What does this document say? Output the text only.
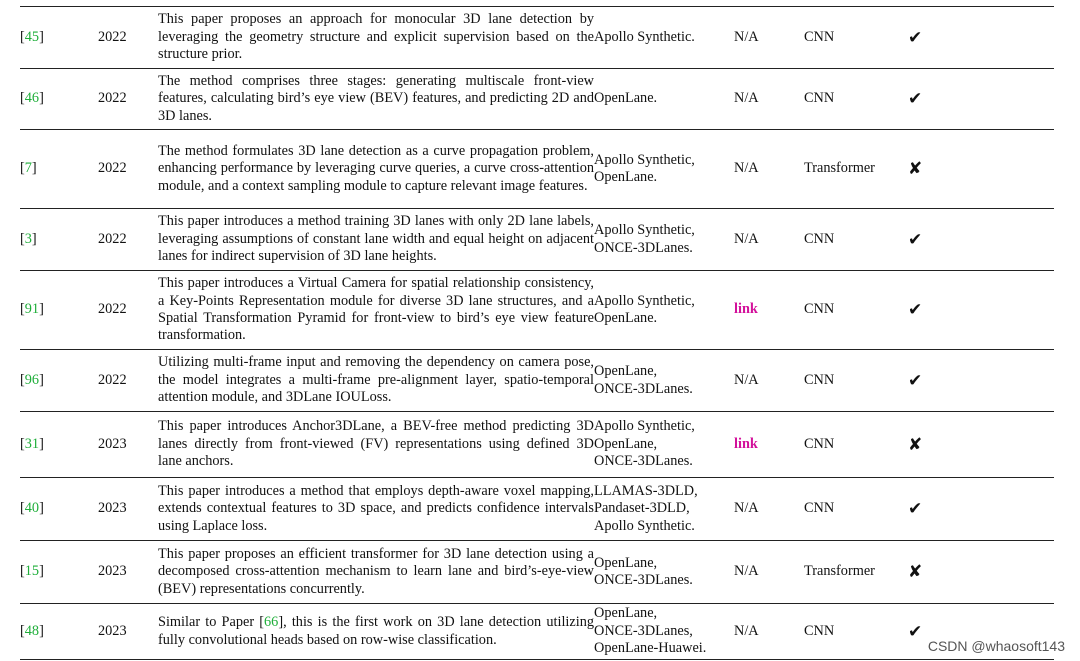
[45]	2022	This paper proposes an approach for monocular 3D lane detection by leveraging the geometry structure and explicit supervision based on the structure prior.	Apollo Synthetic.	N/A	CNN	✔
[46]	2022	The method comprises three stages: generating multiscale front-view features, calculating bird’s eye view (BEV) features, and predicting 2D and 3D lanes.	OpenLane.	N/A	CNN	✔
[7]	2022	The method formulates 3D lane detection as a curve propagation problem, enhancing performance by leveraging curve queries, a curve cross-attention module, and a context sampling module to capture relevant image features.	Apollo Synthetic,
OpenLane.	N/A	Transformer	✘
[3]	2022	This paper introduces a method training 3D lanes with only 2D lane labels, leveraging assumptions of constant lane width and equal height on adjacent lanes for indirect supervision of 3D lane heights.	Apollo Synthetic,
ONCE-3DLanes.	N/A	CNN	✔
[91]	2022	This paper introduces a Virtual Camera for spatial relationship consistency, a Key-Points Representation module for diverse 3D lane structures, and a Spatial Transformation Pyramid for front-view to bird’s eye view feature transformation.	Apollo Synthetic,
OpenLane.	link	CNN	✔
[96]	2022	Utilizing multi-frame input and removing the dependency on camera pose, the model integrates a multi-frame pre-alignment layer, spatio-temporal attention module, and 3DLane IOULoss.	OpenLane,
ONCE-3DLanes.	N/A	CNN	✔
[31]	2023	This paper introduces Anchor3DLane, a BEV-free method predicting 3D lanes directly from front-viewed (FV) representations using defined 3D lane anchors.	Apollo Synthetic,
OpenLane,
ONCE-3DLanes.	link	CNN	✘
[40]	2023	This paper introduces a method that employs depth-aware voxel mapping, extends contextual features to 3D space, and predicts confidence intervals using Laplace loss.	LLAMAS-3DLD,
Pandaset-3DLD,
Apollo Synthetic.	N/A	CNN	✔
[15]	2023	This paper proposes an efficient transformer for 3D lane detection using a decomposed cross-attention mechanism to learn lane and bird’s-eye-view (BEV) representations concurrently.	OpenLane,
ONCE-3DLanes.	N/A	Transformer	✘
[48]	2023	Similar to Paper [66], this is the first work on 3D lane detection utilizing fully convolutional heads based on row-wise classification.	OpenLane,
ONCE-3DLanes,
OpenLane-Huawei.	N/A	CNN	✔
CSDN @whaosoft143
